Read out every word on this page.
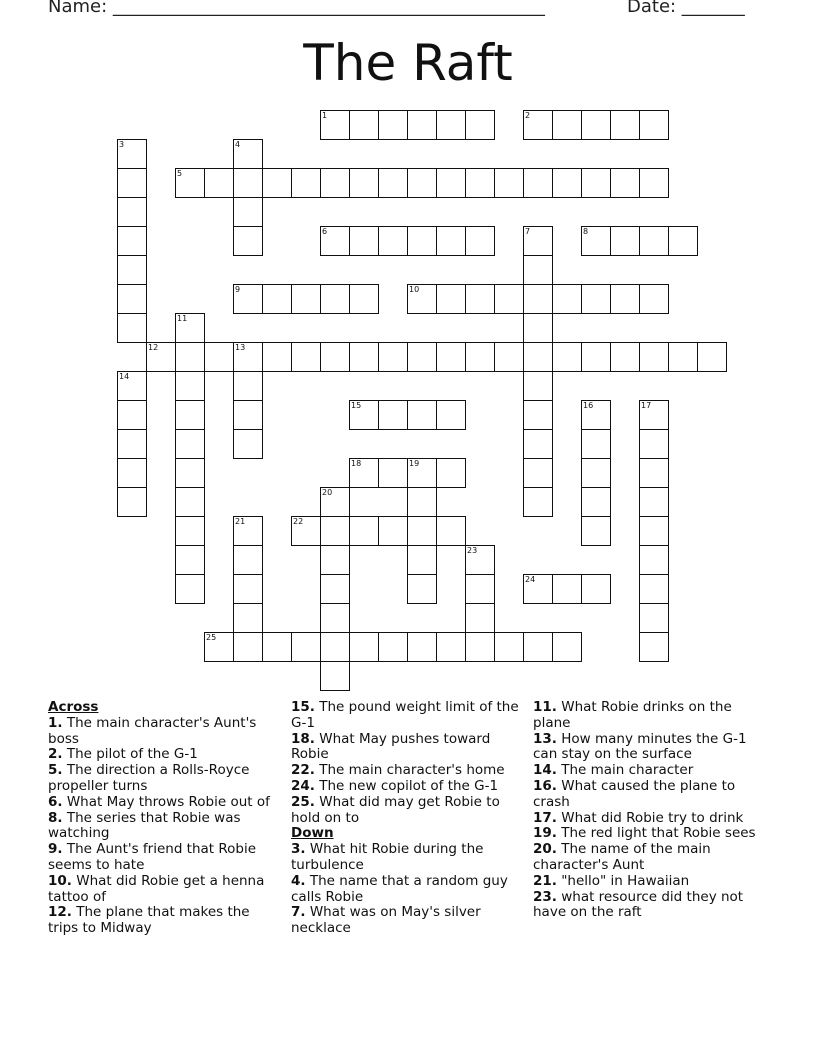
Name: ________________________________________________	Date: _______
The Raft
1	2
3	4
5
6	7	8
9	10
11
12	13
14
15	16	17
18	19
20
21	22
23
24
25
Across
1. The main character's Aunt's boss
2. The pilot of the G-1
5. The direction a Rolls-Royce propeller turns
6. What May throws Robie out of
8. The series that Robie was watching
9. The Aunt's friend that Robie seems to hate
10. What did Robie get a henna tattoo of
12. The plane that makes the trips to Midway
15. The pound weight limit of the G-1
18. What May pushes toward Robie
22. The main character's home
24. The new copilot of the G-1
25. What did may get Robie to hold on to
Down
3. What hit Robie during the turbulence
4. The name that a random guy calls Robie
7. What was on May's silver necklace
11. What Robie drinks on the plane
13. How many minutes the G-1 can stay on the surface
14. The main character
16. What caused the plane to crash
17. What did Robie try to drink
19. The red light that Robie sees
20. The name of the main character's Aunt
21. "hello" in Hawaiian
23. what resource did they not have on the raft
